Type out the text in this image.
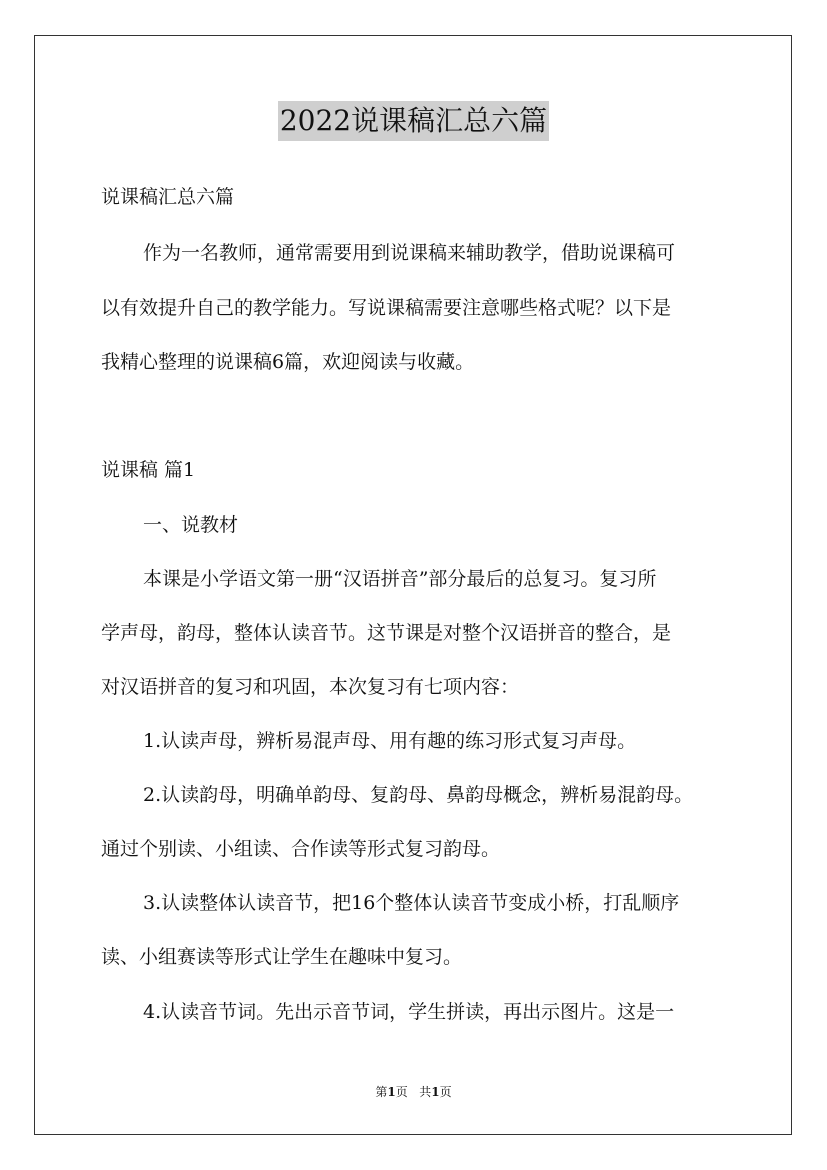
2022说课稿汇总六篇
说课稿汇总六篇
作为一名教师，通常需要用到说课稿来辅助教学，借助说课稿可
以有效提升自己的教学能力。写说课稿需要注意哪些格式呢？以下是
我精心整理的说课稿6篇，欢迎阅读与收藏。
说课稿 篇1
一、说教材
本课是小学语文第一册“汉语拼音”部分最后的总复习。复习所
学声母，韵母，整体认读音节。这节课是对整个汉语拼音的整合，是
对汉语拼音的复习和巩固，本次复习有七项内容：
1.认读声母，辨析易混声母、用有趣的练习形式复习声母。
2.认读韵母，明确单韵母、复韵母、鼻韵母概念，辨析易混韵母。
通过个别读、小组读、合作读等形式复习韵母。
3.认读整体认读音节，把16个整体认读音节变成小桥，打乱顺序
读、小组赛读等形式让学生在趣味中复习。
4.认读音节词。先出示音节词，学生拼读，再出示图片。这是一
第1页 共1页
